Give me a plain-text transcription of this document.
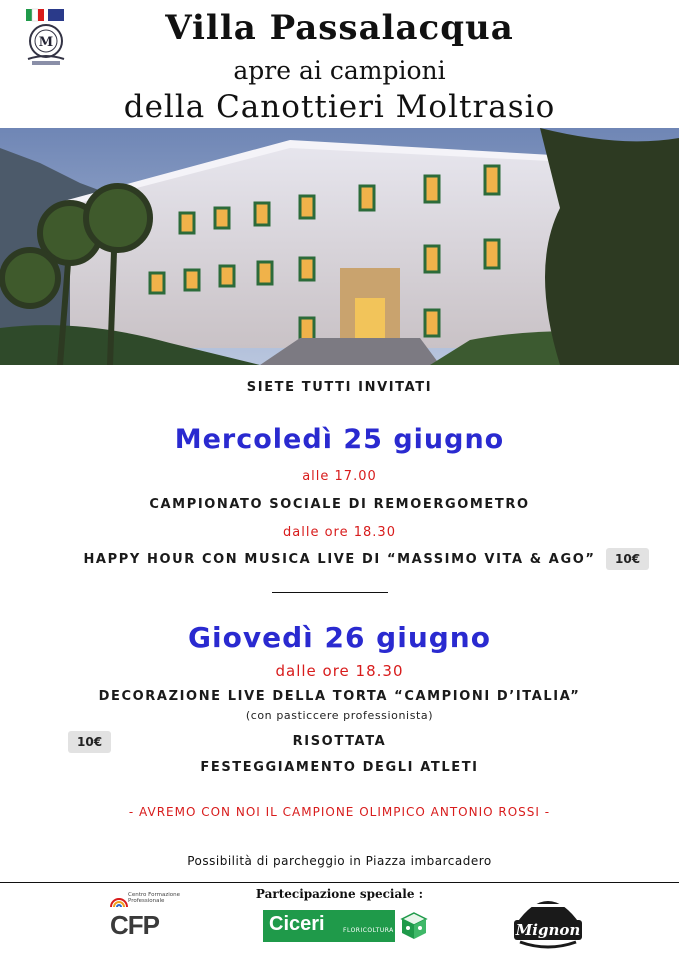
M	Villa Passalacqua
apre ai campioni
della Canottieri Moltrasio
SIETE TUTTI INVITATI
Mercoledì 25 giugno
alle 17.00
CAMPIONATO SOCIALE DI REMOERGOMETRO
dalle ore 18.30
HAPPY HOUR CON MUSICA LIVE DI “MASSIMO VITA & AGO”	10€
Giovedì 26 giugno
dalle ore 18.30
DECORAZIONE LIVE DELLA TORTA “CAMPIONI D’ITALIA”
(con pasticcere professionista)
RISOTTATA
10€
FESTEGGIAMENTO DEGLI ATLETI
- AVREMO CON NOI IL CAMPIONE OLIMPICO ANTONIO ROSSI -
Possibilità di parcheggio in Piazza imbarcadero
Partecipazione speciale :
Centro Formazione Professionale
CFP	Ciceri	FLORICOLTURA
PASTICCERIA
Mignon
